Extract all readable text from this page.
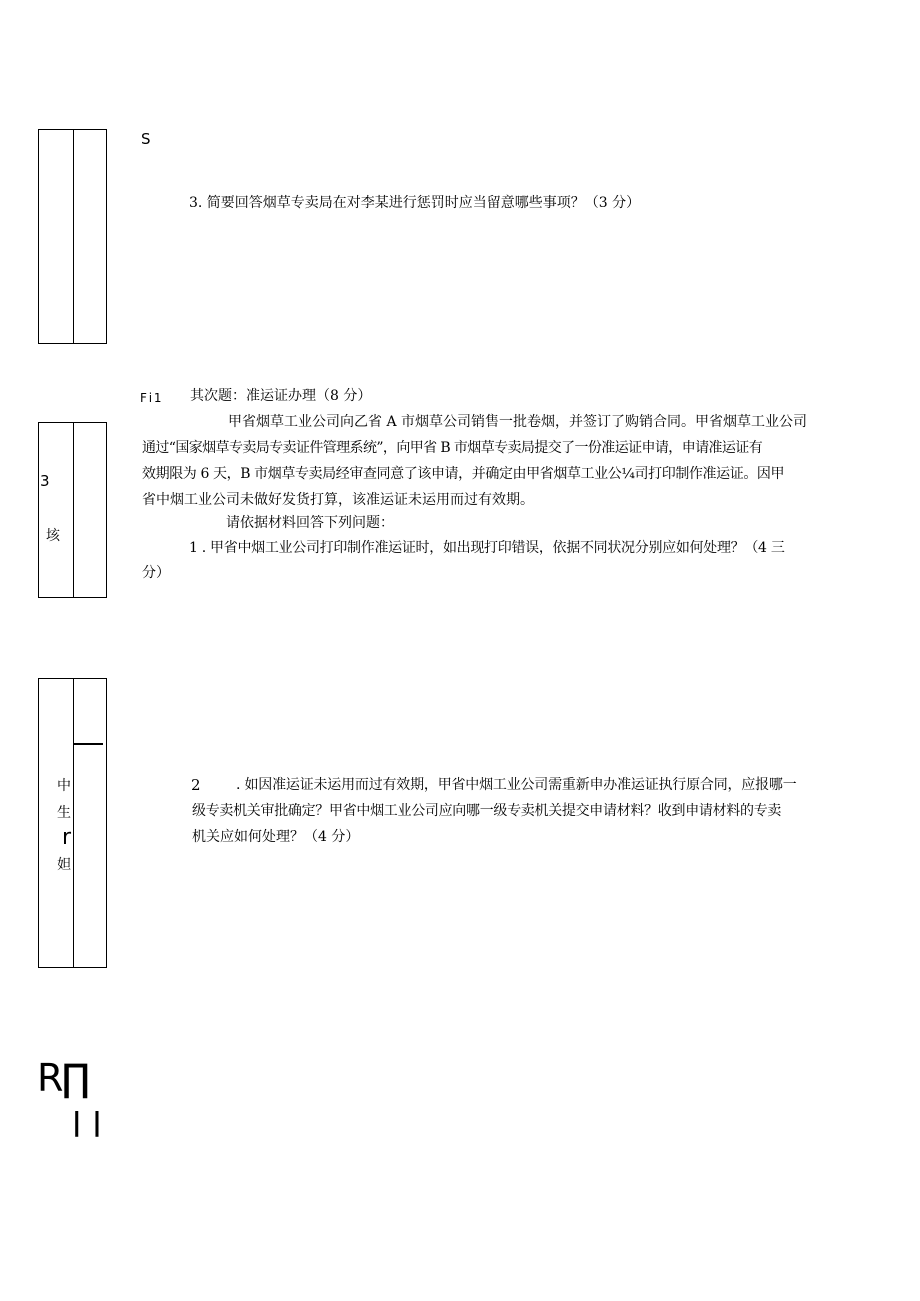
3
垓
中
生
r
妲
R∏
l l
S
3. 简要回答烟草专卖局在对李某进行惩罚时应当留意哪些事项？（3 分）
F i 1 其次题：准运证办理（8 分）

甲省烟草工业公司向乙省 A 市烟草公司销售一批卷烟，并签订了购销合同。甲省烟草工业公司

通过“国家烟草专卖局专卖证件管理系统”，向甲省 B 市烟草专卖局提交了一份准运证申请，申请准运证有

效期限为 6 天，B 市烟草专卖局经审查同意了该申请，并确定由甲省烟草工业公¼司打印制作准运证。因甲

省中烟工业公司未做好发货打算，该准运证未运用而过有效期。

请依据材料回答下列问题：
1 . 甲省中烟工业公司打印制作准运证时，如出现打印错误，依据不同状况分别应如何处理？（4 三
分）
2	. 如因准运证未运用而过有效期，甲省中烟工业公司需重新申办准运证执行原合同，应报哪一
级专卖机关审批确定？甲省中烟工业公司应向哪一级专卖机关提交申请材料？收到申请材料的专卖
机关应如何处理？（4 分）
